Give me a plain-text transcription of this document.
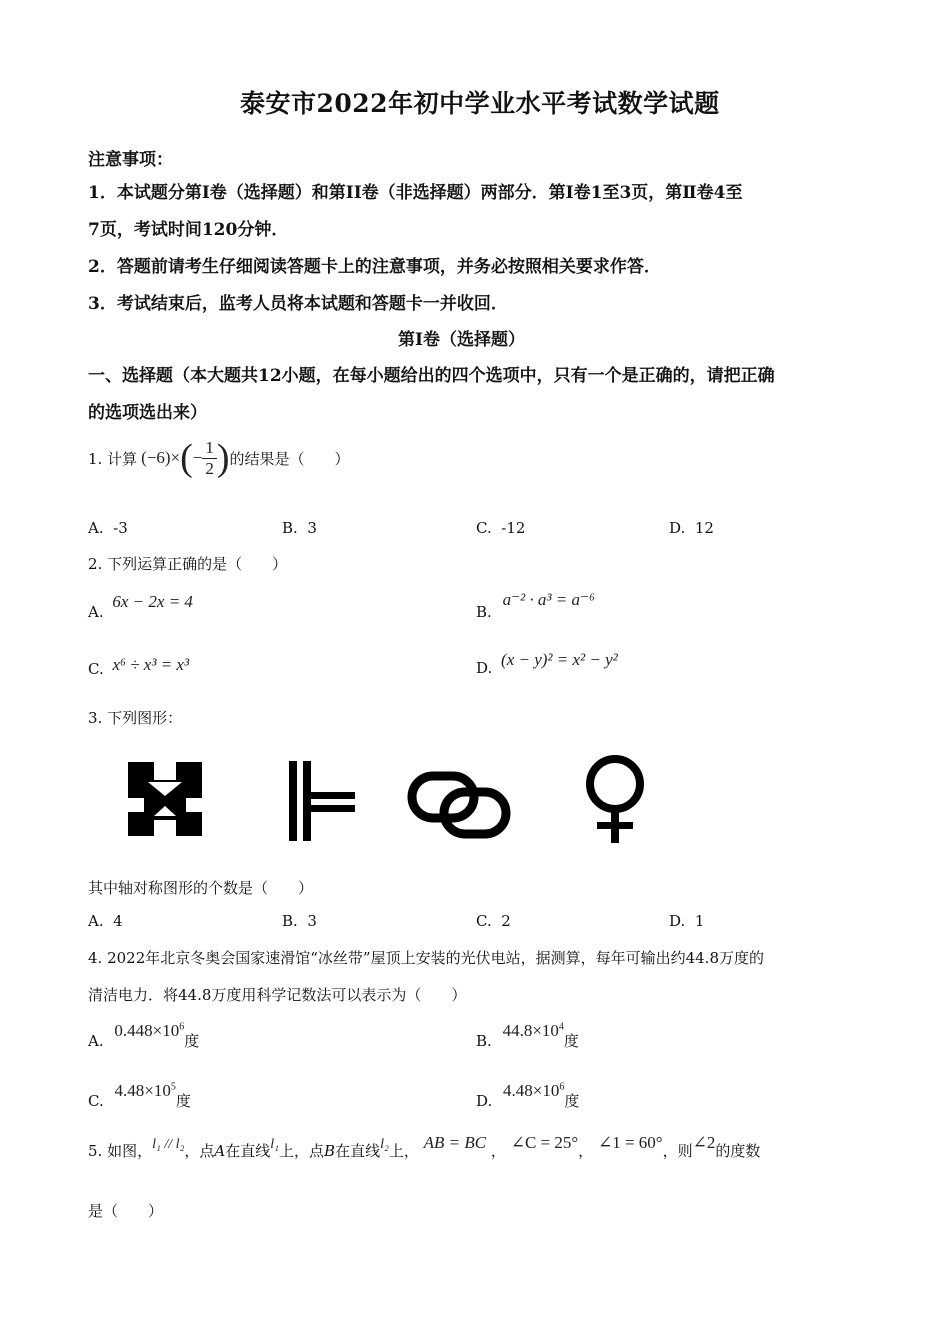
泰安市2022年初中学业水平考试数学试题
注意事项：
1．本试题分第Ⅰ卷（选择题）和第II卷（非选择题）两部分．第Ⅰ卷1至3页，第Ⅱ卷4至
7页，考试时间120分钟．
2．答题前请考生仔细阅读答题卡上的注意事项，并务必按照相关要求作答．
3．考试结束后，监考人员将本试题和答题卡一并收回．
第Ⅰ卷（选择题）
一、选择题（本大题共12小题，在每小题给出的四个选项中，只有一个是正确的，请把正确
的选项选出来）
1. 计算 (−6)× ( − $\frac{1}{2}$ ) 的结果是（　　）
A. -3	B. 3	C. -12	D. 12
2. 下列运算正确的是（　　）
A. 6x − 2x = 4
B. a⁻² · a³ = a⁻⁶
C. x⁶ ÷ x³ = x³	D. (x − y)² = x² − y²
3. 下列图形：
其中轴对称图形的个数是（　　）
A. 4	B. 3	C. 2	D. 1
4. 2022年北京冬奥会国家速滑馆“冰丝带”屋顶上安装的光伏电站，据测算，每年可输出约44.8万度的
清洁电力．将44.8万度用科学记数法可以表示为（　　）
A. $0.448\times 10^6$度	B. $44.8\times 10^4$度
C. $4.48\times 10^5$度	D. $4.48\times 10^6$度
5. 如图，l₁ // l₂，点A在直线l₁上，点B在直线l₂上， AB = BC ， ∠C = 25°， ∠1 = 60°，则∠2的度数
是（　　）
